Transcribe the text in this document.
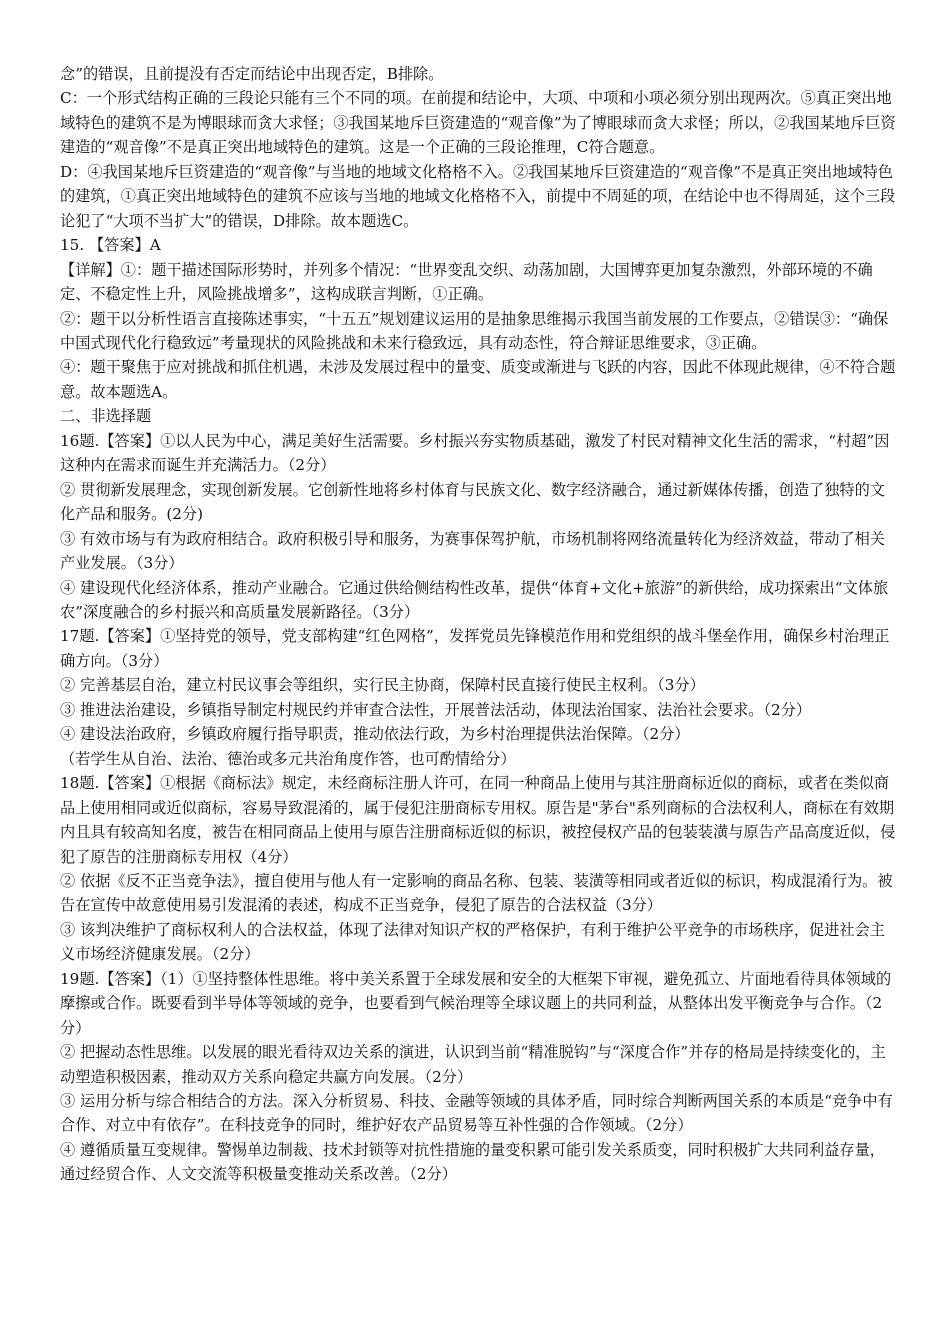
念”的错误，且前提没有否定而结论中出现否定，B排除。

C：一个形式结构正确的三段论只能有三个不同的项。在前提和结论中，大项、中项和小项必须分别出现两次。⑤真正突出地域特色的建筑不是为博眼球而贪大求怪；③我国某地斥巨资建造的“观音像”为了博眼球而贪大求怪；所以，②我国某地斥巨资建造的“观音像”不是真正突出地域特色的建筑。这是一个正确的三段论推理，C符合题意。

D：④我国某地斥巨资建造的“观音像”与当地的地域文化格格不入。②我国某地斥巨资建造的“观音像”不是真正突出地域特色的建筑，①真正突出地域特色的建筑不应该与当地的地域文化格格不入，前提中不周延的项，在结论中也不得周延，这个三段论犯了“大项不当扩大”的错误，D排除。故本题选C。

15. 【答案】A

【详解】①：题干描述国际形势时，并列多个情况：“世界变乱交织、动荡加剧，大国博弈更加复杂激烈，外部环境的不确定、不稳定性上升，风险挑战增多”，这构成联言判断，①正确。

②：题干以分析性语言直接陈述事实，“十五五”规划建议运用的是抽象思维揭示我国当前发展的工作要点，②错误③：“确保中国式现代化行稳致远”考量现状的风险挑战和未来行稳致远，具有动态性，符合辩证思维要求，③正确。

④：题干聚焦于应对挑战和抓住机遇，未涉及发展过程中的量变、质变或渐进与飞跃的内容，因此不体现此规律，④不符合题意。故本题选A。

二、非选择题

16题.【答案】①以人民为中心，满足美好生活需要。乡村振兴夯实物质基础，激发了村民对精神文化生活的需求，“村超”因这种内在需求而诞生并充满活力。（2分）

② 贯彻新发展理念，实现创新发展。它创新性地将乡村体育与民族文化、数字经济融合，通过新媒体传播，创造了独特的文化产品和服务。(2分)

③ 有效市场与有为政府相结合。政府积极引导和服务，为赛事保驾护航，市场机制将网络流量转化为经济效益，带动了相关产业发展。（3分）

④ 建设现代化经济体系，推动产业融合。它通过供给侧结构性改革，提供“体育+文化+旅游”的新供给，成功探索出“文体旅农”深度融合的乡村振兴和高质量发展新路径。（3分）

17题.【答案】①坚持党的领导，党支部构建“红色网格”，发挥党员先锋模范作用和党组织的战斗堡垒作用，确保乡村治理正确方向。（3分）

② 完善基层自治，建立村民议事会等组织，实行民主协商，保障村民直接行使民主权利。（3分）

③ 推进法治建设，乡镇指导制定村规民约并审查合法性，开展普法活动，体现法治国家、法治社会要求。（2分）

④ 建设法治政府，乡镇政府履行指导职责，推动依法行政，为乡村治理提供法治保障。（2分）

（若学生从自治、法治、德治或多元共治角度作答，也可酌情给分）

18题.【答案】①根据《商标法》规定，未经商标注册人许可，在同一种商品上使用与其注册商标近似的商标，或者在类似商品上使用相同或近似商标，容易导致混淆的，属于侵犯注册商标专用权。原告是"茅台"系列商标的合法权利人，商标在有效期内且具有较高知名度，被告在相同商品上使用与原告注册商标近似的标识，被控侵权产品的包装装潢与原告产品高度近似，侵犯了原告的注册商标专用权（4分）

② 依据《反不正当竞争法》，擅自使用与他人有一定影响的商品名称、包装、装潢等相同或者近似的标识，构成混淆行为。被告在宣传中故意使用易引发混淆的表述，构成不正当竞争，侵犯了原告的合法权益（3分）

③ 该判决维护了商标权利人的合法权益，体现了法律对知识产权的严格保护，有利于维护公平竞争的市场秩序，促进社会主义市场经济健康发展。（2分）

19题.【答案】（1）①坚持整体性思维。将中美关系置于全球发展和安全的大框架下审视，避免孤立、片面地看待具体领域的摩擦或合作。既要看到半导体等领域的竞争，也要看到气候治理等全球议题上的共同利益，从整体出发平衡竞争与合作。（2分）

② 把握动态性思维。以发展的眼光看待双边关系的演进，认识到当前“精准脱钩”与“深度合作”并存的格局是持续变化的，主动塑造积极因素，推动双方关系向稳定共赢方向发展。（2分）

③ 运用分析与综合相结合的方法。深入分析贸易、科技、金融等领域的具体矛盾，同时综合判断两国关系的本质是“竞争中有合作、对立中有依存”。在科技竞争的同时，维护好农产品贸易等互补性强的合作领域。（2分）

④ 遵循质量互变规律。警惕单边制裁、技术封锁等对抗性措施的量变积累可能引发关系质变，同时积极扩大共同利益存量，通过经贸合作、人文交流等积极量变推动关系改善。（2分）
